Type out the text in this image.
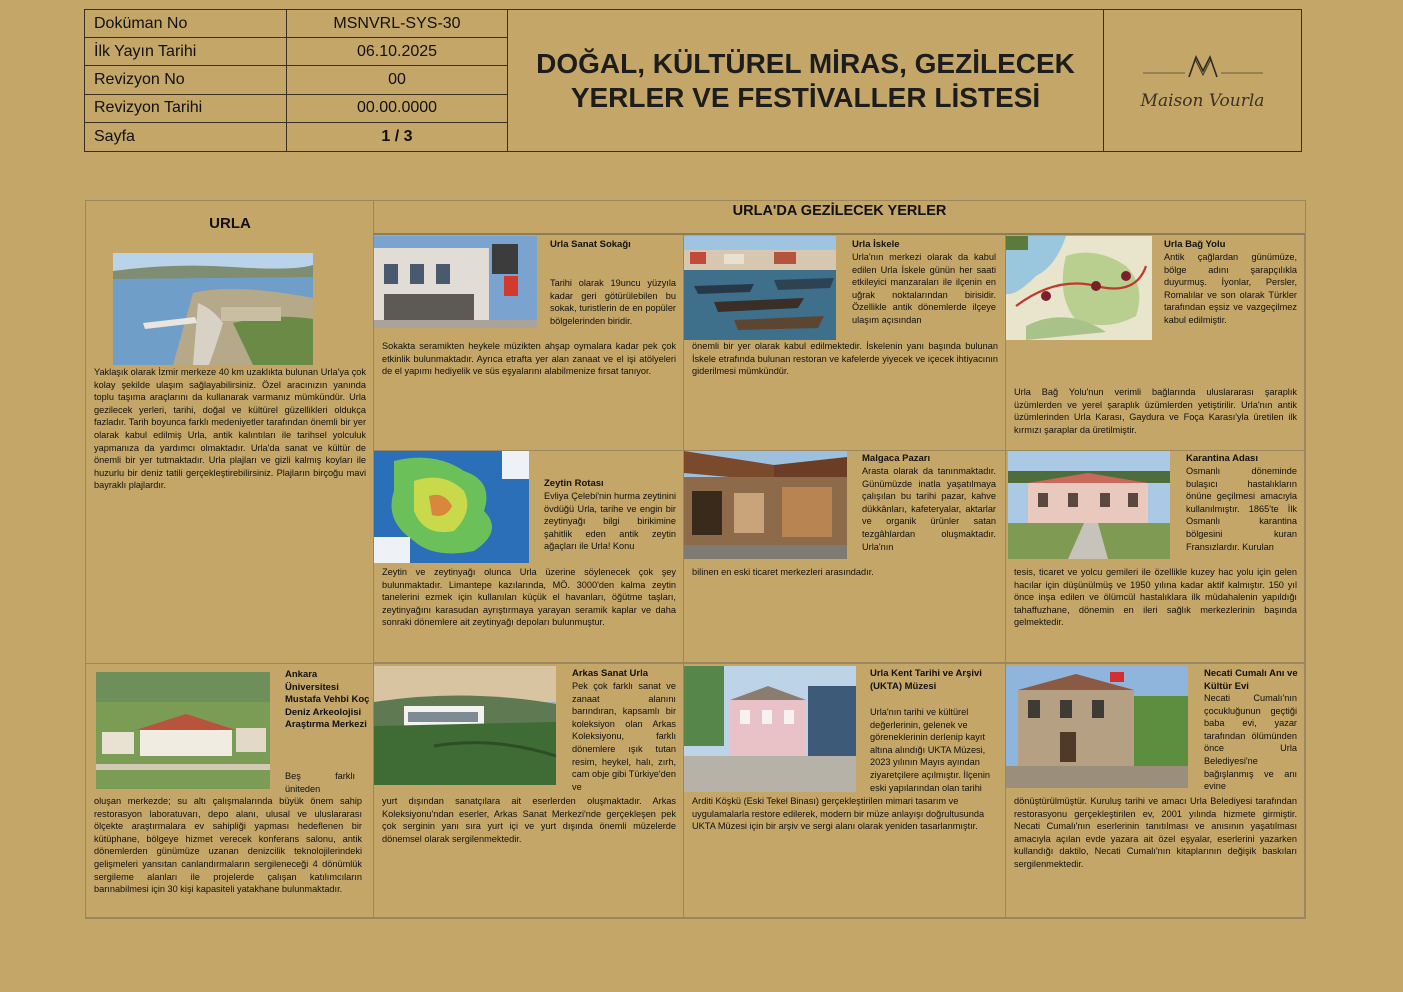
Doküman No	MSNVRL-SYS-30
İlk Yayın Tarihi	06.10.2025
Revizyon No	00
Revizyon Tarihi	00.00.0000
Sayfa	1 / 3
DOĞAL, KÜLTÜREL MİRAS, GEZİLECEK
YERLER VE FESTİVALLER LİSTESİ	Maison Vourla
URLA
Yaklaşık olarak İzmir merkeze 40 km uzaklıkta bulunan Urla'ya çok kolay şekilde ulaşım sağlayabilirsiniz. Özel aracınızın yanında toplu taşıma araçlarını da kullanarak varmanız mümkündür. Urla gezilecek yerleri, tarihi, doğal ve kültürel güzellikleri oldukça fazladır. Tarih boyunca farklı medeniyetler tarafından önemli bir yer olarak kabul edilmiş Urla, antik kalıntıları ile tarihsel yolculuk yapmanıza da yardımcı olmaktadır. Urla'da sanat ve kültür de önemli bir yer tutmaktadır. Urla plajları ve gizli kalmış koyları ile huzurlu bir deniz tatili gerçekleştirebilirsiniz. Plajların birçoğu mavi bayraklı plajlardır.
URLA'DA GEZİLECEK YERLER
Urla Sanat Sokağı
Tarihi olarak 19uncu yüzyıla kadar geri götürülebilen bu sokak, turistlerin de en popüler bölgelerinden biridir.
Sokakta seramikten heykele müzikten ahşap oymalara kadar pek çok etkinlik bulunmaktadır. Ayrıca etrafta yer alan zanaat ve el işi atölyeleri de el yapımı hediyelik ve süs eşyalarını alabilmenize fırsat tanıyor.
Urla İskele
Urla'nın merkezi olarak da kabul edilen Urla İskele günün her saati etkileyici manzaraları ile ilçenin en uğrak noktalarından birisidir. Özellikle antik dönemlerde ilçeye ulaşım açısından
önemli bir yer olarak kabul edilmektedir. İskelenin yanı başında bulunan İskele etrafında bulunan restoran ve kafelerde yiyecek ve içecek ihtiyacının giderilmesi mümkündür.
Urla Bağ Yolu
Antik çağlardan günümüze, bölge adını şarapçılıkla duyurmuş. İyonlar, Persler, Romalılar ve son olarak Türkler tarafından eşsiz ve vazgeçilmez kabul edilmiştir.
Urla Bağ Yolu'nun verimli bağlarında uluslararası şaraplık üzümlerden ve yerel şaraplık üzümlerden yetiştirilir. Urla'nın antik üzümlerinden Urla Karası, Gaydura ve Foça Karası'yla üretilen ilk kırmızı şaraplar da üretilmiştir.
Zeytin Rotası
Evliya Çelebi'nin hurma zeytinini övdüğü Urla, tarihe ve engin bir zeytinyağı bilgi birikimine şahitlik eden antik zeytin ağaçları ile Urla! Konu
Zeytin ve zeytinyağı olunca Urla üzerine söylenecek çok şey bulunmaktadır. Limantepe kazılarında, MÖ. 3000'den kalma zeytin tanelerini ezmek için kullanılan küçük el havanları, öğütme taşları, zeytinyağını karasudan ayrıştırmaya yarayan seramik kaplar ve daha sonraki dönemlere ait zeytinyağı depoları bulunmuştur.
Malgaca Pazarı
Arasta olarak da tanınmaktadır. Günümüzde inatla yaşatılmaya çalışılan bu tarihi pazar, kahve dükkânları, kafeteryalar, aktarlar ve organik ürünler satan tezgâhlardan oluşmaktadır. Urla'nın
bilinen en eski ticaret merkezleri arasındadır.
Karantina Adası
Osmanlı döneminde bulaşıcı hastalıkların önüne geçilmesi amacıyla kullanılmıştır. 1865'te İlk Osmanlı karantina bölgesini kuran Fransızlardır. Kurulan
tesis, ticaret ve yolcu gemileri ile özellikle kuzey hac yolu için gelen hacılar için düşünülmüş ve 1950 yılına kadar aktif kalmıştır. 150 yıl önce inşa edilen ve ölümcül hastalıklara ilk müdahalenin yapıldığı tahaffuzhane, dönemin en ileri sağlık merkezlerinin başında gelmektedir.
Ankara Üniversitesi Mustafa Vehbi Koç Deniz Arkeolojisi Araştırma Merkezi
Beş farklı üniteden
oluşan merkezde; su altı çalışmalarında büyük önem sahip restorasyon laboratuvarı, depo alanı, ulusal ve uluslararası ölçekte araştırmalara ev sahipliği yapması hedeflenen bir kütüphane, bölgeye hizmet verecek konferans salonu, antik dönemlerden günümüze uzanan denizcilik teknolojilerindeki gelişmeleri yansıtan canlandırmaların sergileneceği 4 dönümlük sergileme alanları ile projelerde çalışan katılımcıların barınabilmesi için 30 kişi kapasiteli yatakhane bulunmaktadır.
Arkas Sanat Urla
Pek çok farklı sanat ve zanaat alanını barındıran, kapsamlı bir koleksiyon olan Arkas Koleksiyonu, farklı dönemlere ışık tutan resim, heykel, halı, zırh, cam obje gibi Türkiye'den ve
yurt dışından sanatçılara ait eserlerden oluşmaktadır. Arkas Koleksiyonu'ndan eserler, Arkas Sanat Merkezi'nde gerçekleşen pek çok serginin yanı sıra yurt içi ve yurt dışında önemli müzelerde dönemsel olarak sergilenmektedir.
Urla Kent Tarihi ve Arşivi (UKTA) Müzesi
Urla'nın tarihi ve kültürel değerlerinin, gelenek ve göreneklerinin derlenip kayıt altına alındığı UKTA Müzesi, 2023 yılının Mayıs ayından ziyaretçilere açılmıştır. İlçenin eski yapılarından olan tarihi
Arditi Köşkü (Eski Tekel Binası) gerçekleştirilen mimari tasarım ve uygulamalarla restore edilerek, modern bir müze anlayışı doğrultusunda UKTA Müzesi için bir arşiv ve sergi alanı olarak yeniden tasarlanmıştır.
Necati Cumalı Anı ve Kültür Evi
Necati Cumalı'nın çocukluğunun geçtiği baba evi, yazar tarafından ölümünden önce Urla Belediyesi'ne bağışlanmış ve anı evine
dönüştürülmüştür. Kuruluş tarihi ve amacı Urla Belediyesi tarafından restorasyonu gerçekleştirilen ev, 2001 yılında hizmete girmiştir. Necati Cumalı'nın eserlerinin tanıtılması ve anısının yaşatılması amacıyla açılan evde yazara ait özel eşyalar, eserlerini yazarken kullandığı daktilo, Necati Cumalı'nın kitaplarının değişik baskıları sergilenmektedir.
